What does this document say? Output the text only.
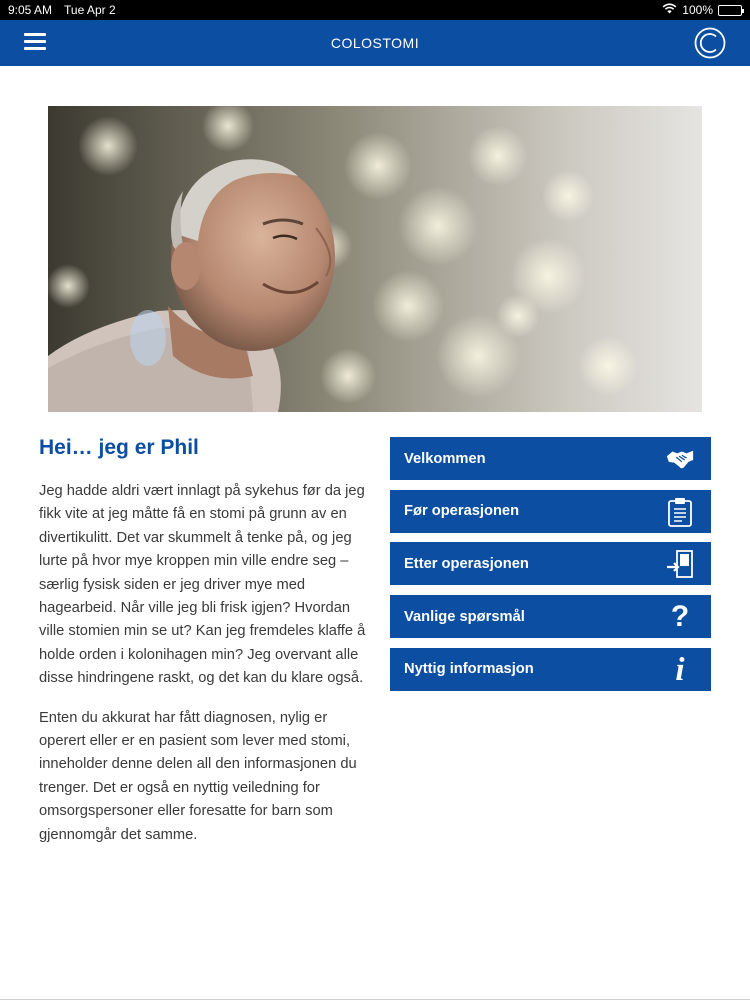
9:05 AM Tue Apr 2	100%
COLOSTOMI
Hei… jeg er Phil

Jeg hadde aldri vært innlagt på sykehus før da jeg fikk vite at jeg måtte få en stomi på grunn av en divertikulitt. Det var skummelt å tenke på, og jeg lurte på hvor mye kroppen min ville endre seg – særlig fysisk siden er jeg driver mye med hagearbeid. Når ville jeg bli frisk igjen? Hvordan ville stomien min se ut? Kan jeg fremdeles klaffe å holde orden i kolonihagen min? Jeg overvant alle disse hindringene raskt, og det kan du klare også.

Enten du akkurat har fått diagnosen, nylig er operert eller er en pasient som lever med stomi, inneholder denne delen all den informasjonen du trenger. Det er også en nyttig veiledning for omsorgspersoner eller foresatte for barn som gjennomgår det samme.

Velkommen
Før operasjonen
Etter operasjonen
Vanlige spørsmål	?
Nyttig informasjon	i
